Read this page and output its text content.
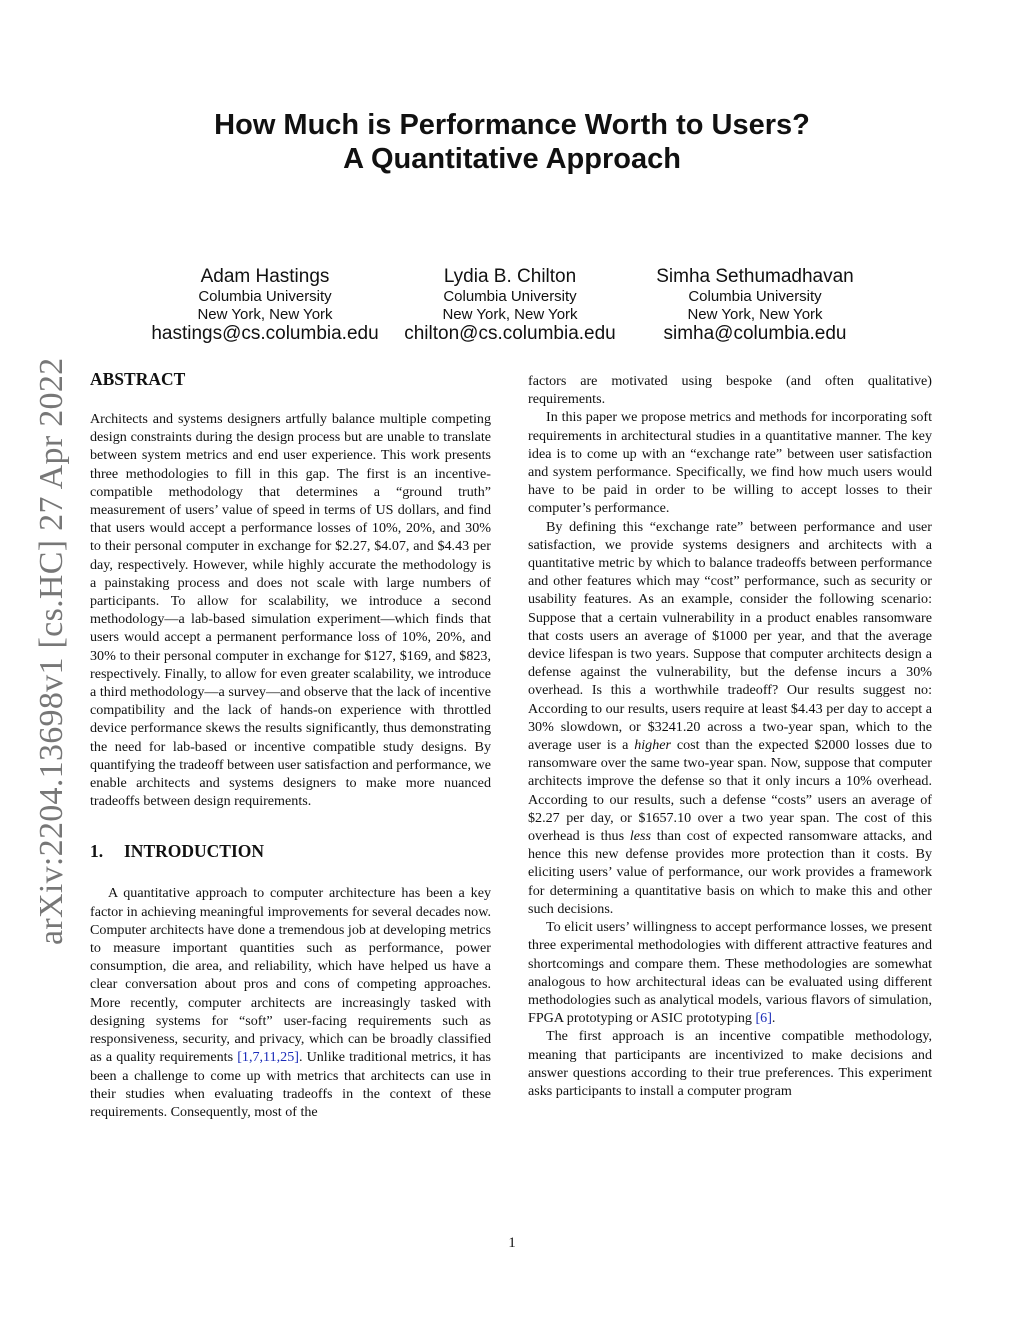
arXiv:2204.13698v1 [cs.HC] 27 Apr 2022
How Much is Performance Worth to Users?
A Quantitative Approach
Adam Hastings
Columbia University
New York, New York
hastings@cs.columbia.edu
Lydia B. Chilton
Columbia University
New York, New York
chilton@cs.columbia.edu
Simha Sethumadhavan
Columbia University
New York, New York
simha@columbia.edu
ABSTRACT

Architects and systems designers artfully balance multiple competing design constraints during the design process but are unable to translate between system metrics and end user experience. This work presents three methodologies to fill in this gap. The first is an incentive-compatible methodology that determines a “ground truth” measurement of users’ value of speed in terms of US dollars, and find that users would accept a performance losses of 10%, 20%, and 30% to their personal computer in exchange for $2.27, $4.07, and $4.43 per day, respectively. However, while highly accurate the methodology is a painstaking process and does not scale with large numbers of participants. To allow for scalability, we introduce a second methodology—a lab-based simulation experiment—which finds that users would accept a permanent performance loss of 10%, 20%, and 30% to their personal computer in exchange for $127, $169, and $823, respectively. Finally, to allow for even greater scalability, we introduce a third methodology—a survey—and observe that the lack of incentive compatibility and the lack of hands-on experience with throttled device performance skews the results significantly, thus demonstrating the need for lab-based or incentive compatible study designs. By quantifying the tradeoff between user satisfaction and performance, we enable architects and systems designers to make more nuanced tradeoffs between design requirements.

1. INTRODUCTION

A quantitative approach to computer architecture has been a key factor in achieving meaningful improvements for several decades now. Computer architects have done a tremendous job at developing metrics to measure important quantities such as performance, power consumption, die area, and reliability, which have helped us have a clear conversation about pros and cons of competing approaches. More recently, computer architects are increasingly tasked with designing systems for “soft” user-facing requirements such as responsiveness, security, and privacy, which can be broadly classified as a quality requirements [1,7,11,25]. Unlike traditional metrics, it has been a challenge to come up with metrics that architects can use in their studies when evaluating tradeoffs in the context of these requirements. Consequently, most of the

factors are motivated using bespoke (and often qualitative) requirements.

In this paper we propose metrics and methods for incorporating soft requirements in architectural studies in a quantitative manner. The key idea is to come up with an “exchange rate” between user satisfaction and system performance. Specifically, we find how much users would have to be paid in order to be willing to accept losses to their computer’s performance.

By defining this “exchange rate” between performance and user satisfaction, we provide systems designers and architects with a quantitative metric by which to balance tradeoffs between performance and other features which may “cost” performance, such as security or usability features. As an example, consider the following scenario: Suppose that a certain vulnerability in a product enables ransomware that costs users an average of $1000 per year, and that the average device lifespan is two years. Suppose that computer architects design a defense against the vulnerability, but the defense incurs a 30% overhead. Is this a worthwhile tradeoff? Our results suggest no: According to our results, users require at least $4.43 per day to accept a 30% slowdown, or $3241.20 across a two-year span, which to the average user is a higher cost than the expected $2000 losses due to ransomware over the same two-year span. Now, suppose that computer architects improve the defense so that it only incurs a 10% overhead. According to our results, such a defense “costs” users an average of $2.27 per day, or $1657.10 over a two year span. The cost of this overhead is thus less than cost of expected ransomware attacks, and hence this new defense provides more protection than it costs. By eliciting users’ value of performance, our work provides a framework for determining a quantitative basis on which to make this and other such decisions.

To elicit users’ willingness to accept performance losses, we present three experimental methodologies with different attractive features and shortcomings and compare them. These methodologies are somewhat analogous to how architectural ideas can be evaluated using different methodologies such as analytical models, various flavors of simulation, FPGA prototyping or ASIC prototyping [6].

The first approach is an incentive compatible methodology, meaning that participants are incentivized to make decisions and answer questions according to their true preferences. This experiment asks participants to install a computer program

1
